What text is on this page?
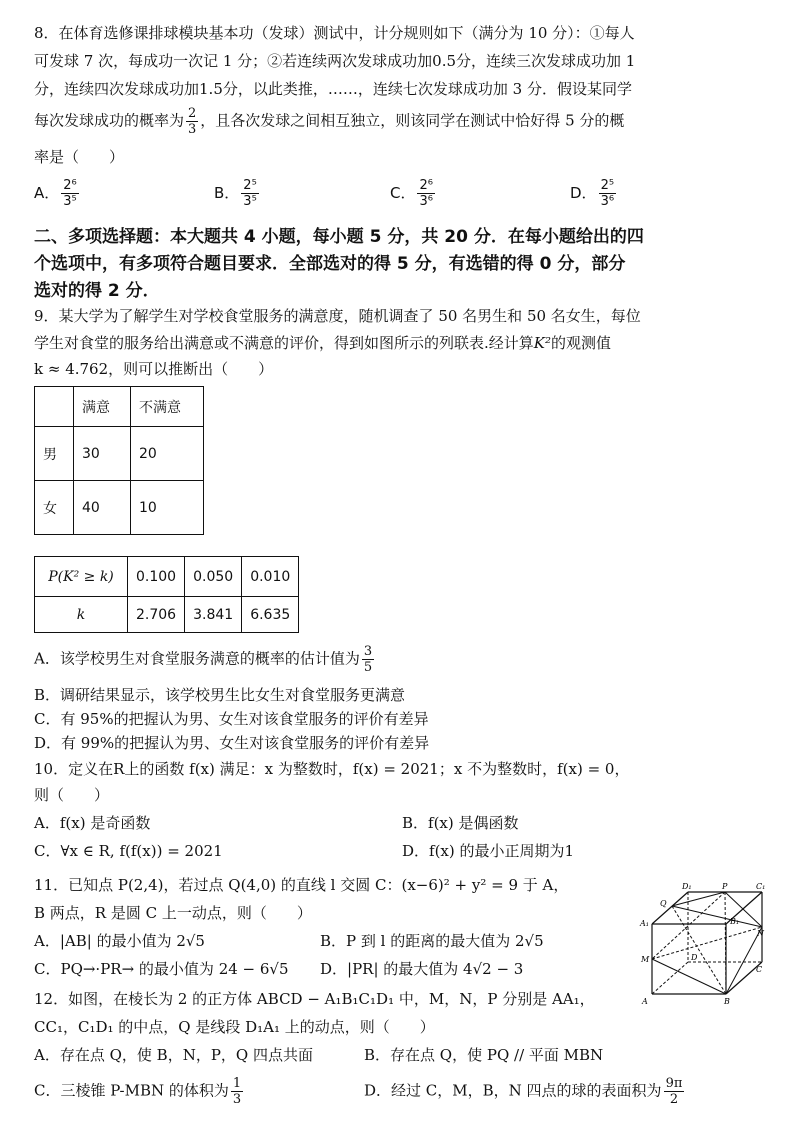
8．在体育选修课排球模块基本功（发球）测试中，计分规则如下（满分为 10 分）：①每人
可发球 7 次，每成功一次记 1 分；②若连续两次发球成功加0.5分，连续三次发球成功加 1
分，连续四次发球成功加1.5分，以此类推，……，连续七次发球成功加 3 分．假设某同学
每次发球成功的概率为 $\frac{2}{3}$ ，且各次发球之间相互独立，则该同学在测试中恰好得 5 分的概
率是（　　）
A． $\frac{\text{2⁶}}{\text{3⁵}}$	B． $\frac{\text{2⁵}}{\text{3⁵}}$	C． $\frac{\text{2⁶}}{\text{3⁶}}$	D． $\frac{\text{2⁵}}{\text{3⁶}}$
二、多项选择题：本大题共 4 小题，每小题 5 分，共 20 分．在每小题给出的四
个选项中，有多项符合题目要求．全部选对的得 5 分，有选错的得 0 分，部分
选对的得 2 分．
9．某大学为了解学生对学校食堂服务的满意度，随机调查了 50 名男生和 50 名女生，每位
学生对食堂的服务给出满意或不满意的评价，得到如图所示的列联表.经计算K²的观测值
k ≈ 4.762，则可以推断出（　　）
	满意	不满意
男	30	20
女	40	10
P(K² ≥ k)	0.100	0.050	0.010
k	2.706	3.841	6.635
A．该学校男生对食堂服务满意的概率的估计值为 $\frac{3}{5}$
B．调研结果显示，该学校男生比女生对食堂服务更满意
C．有 95%的把握认为男、女生对该食堂服务的评价有差异
D．有 99%的把握认为男、女生对该食堂服务的评价有差异
10．定义在R上的函数 f(x) 满足：x 为整数时，f(x) = 2021；x 不为整数时，f(x) = 0，
则（　　）
A．f(x) 是奇函数	B．f(x) 是偶函数
C．∀x ∈ R, f(f(x)) = 2021	D．f(x) 的最小正周期为1
11．已知点 P(2,4)，若过点 Q(4,0) 的直线 l 交圆 C：(x−6)² + y² = 9 于 A，
B 两点，R 是圆 C 上一动点，则（　　）
A．|AB| 的最小值为 2√5	B．P 到 l 的距离的最大值为 2√5
C．PQ→·PR→ 的最小值为 24 − 6√5 D．|PR| 的最大值为 4√2 − 3
12．如图，在棱长为 2 的正方体 ABCD − A₁B₁C₁D₁ 中，M，N，P 分别是 AA₁，
CC₁，C₁D₁ 的中点，Q 是线段 D₁A₁ 上的动点，则（　　）
A．存在点 Q，使 B，N，P，Q 四点共面	B．存在点 Q，使 PQ // 平面 MBN
C．三棱锥 P-MBN 的体积为 $\frac{1}{3}$	D．经过 C，M，B，N 四点的球的表面积为 $\frac{9\pi}{2}$
D₁	P	C₁
Q
A₁	B₁
N
M	D
C
A	B
